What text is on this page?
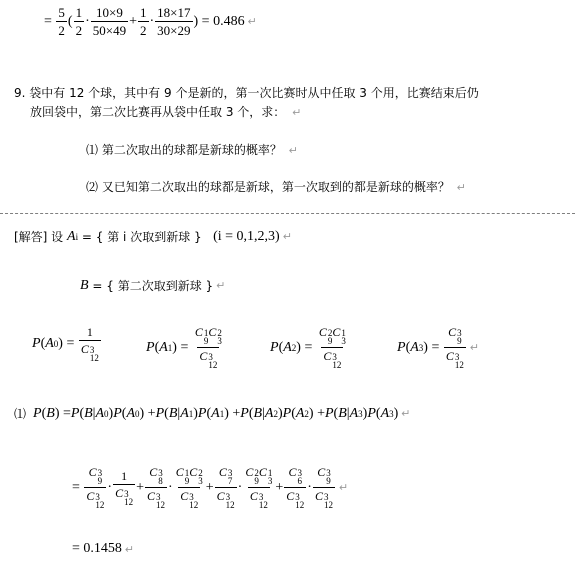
=
$\frac{5}{2}$ ( $\frac{1}{2} \cdot \frac{10\times 9}{50\times 49} + \frac{1}{2} \cdot \frac{18\times 17}{30\times 29}$ ) = 0.486 ↵
9. 袋中有 12 个球，其中有 9 个是新的，第一次比赛时从中任取 3 个用，比赛结束后仍
放回袋中，第二次比赛再从袋中任取 3 个，求： ↵
⑴ 第二次取出的球都是新球的概率？ ↵
⑵ 又已知第二次取出的球都是新球，第一次取到的都是新球的概率？ ↵
[解答] 设
A i
= { 第 i 次取到新球 }
(i = 0,1,2,3) ↵
B
= { 第二次取到新球 } ↵
P ( A 0 ) = 1
C 3
12	P ( A 1 ) = C 1
9
C 2
3
C 3
12	P ( A 2 ) = C 2
9
C 1
3
C 3
12	P ( A 3 ) = C 3
9
C 3
12 ↵
⑴
P ( B ) = P ( B | A 0 ) P ( A 0 ) + P ( B | A 1 ) P ( A 1 ) + P ( B | A 2 ) P ( A 2 ) + P ( B | A 3 ) P ( A 3 ) ↵
= C 3
9
C 3
12 · 1
C 3
12 + C 3
8
C 3
12 · C 1
9
C 2
3
C 3
12 + C 3
7
C 3
12 · C 2
9
C 1
3
C 3
12 + C 3
6
C 3
12 · C 3
9
C 3
12 ↵
= 0.1458 ↵
